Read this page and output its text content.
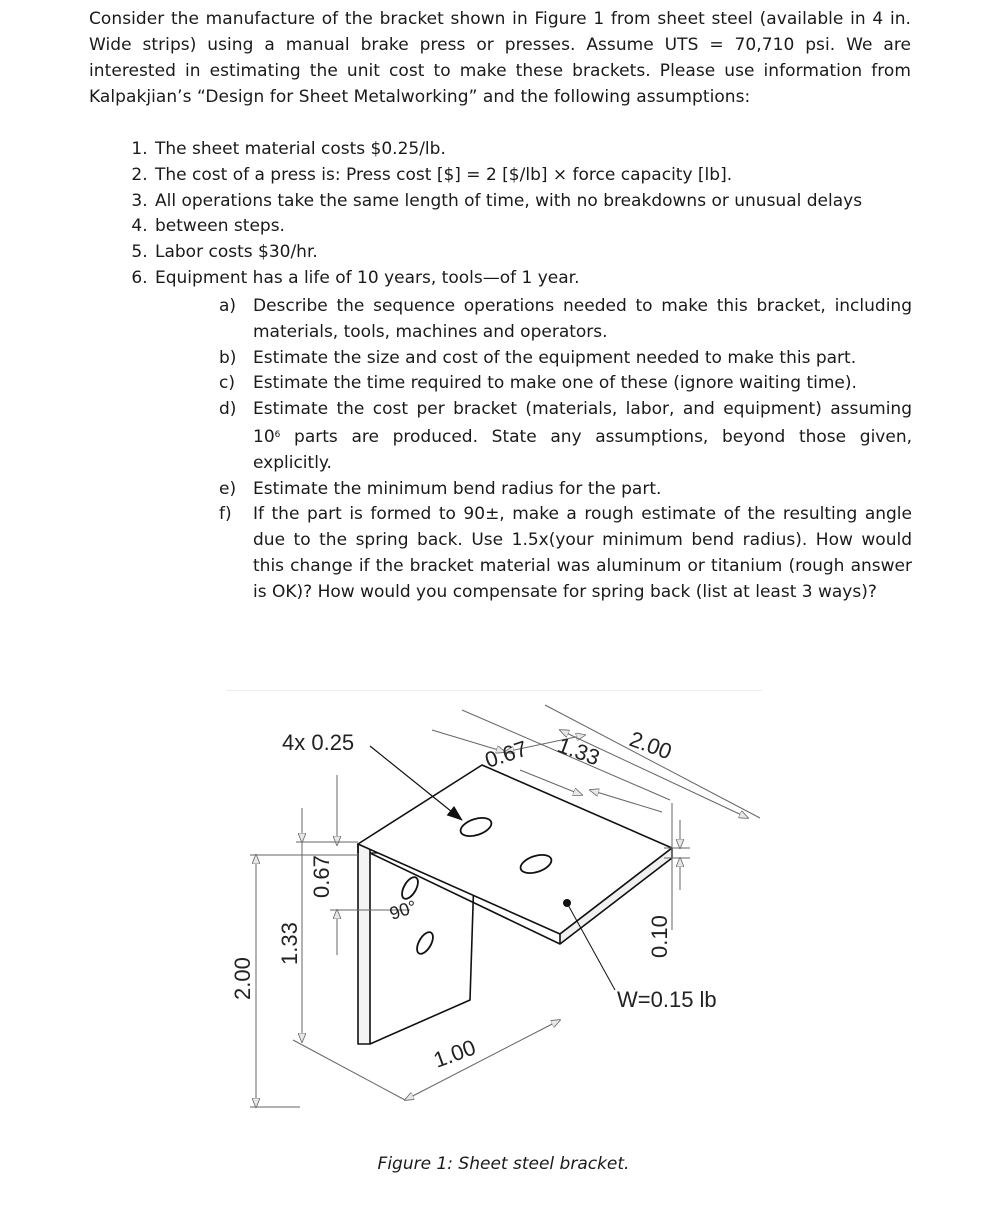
Consider the manufacture of the bracket shown in Figure 1 from sheet steel (available in 4 in. Wide strips) using a manual brake press or presses. Assume UTS = 70,710 psi. We are interested in estimating the unit cost to make these brackets. Please use information from Kalpakjian’s “Design for Sheet Metalworking” and the following assumptions:

1. The sheet material costs $0.25/lb.
2. The cost of a press is: Press cost [$] = 2 [$/lb] × force capacity [lb].
3. All operations take the same length of time, with no breakdowns or unusual delays
4. between steps.
5. Labor costs $30/hr.
6. Equipment has a life of 10 years, tools—of 1 year.
a) Describe the sequence operations needed to make this bracket, including materials, tools, machines and operators.
b) Estimate the size and cost of the equipment needed to make this part.
c) Estimate the time required to make one of these (ignore waiting time).
d) Estimate the cost per bracket (materials, labor, and equipment) assuming $10^6$ parts are produced. State any assumptions, beyond those given, explicitly.
e) Estimate the minimum bend radius for the part.
f) If the part is formed to 90±, make a rough estimate of the resulting angle due to the spring back. Use 1.5x(your minimum bend radius). How would this change if the bracket material was aluminum or titanium (rough answer is OK)? How would you compensate for spring back (list at least 3 ways)?
4x 0.25	0.67 1.33 2.00
0.67
1.33
2.00
90°
0.10
W=0.15 lb
1.00
Figure 1: Sheet steel bracket.
